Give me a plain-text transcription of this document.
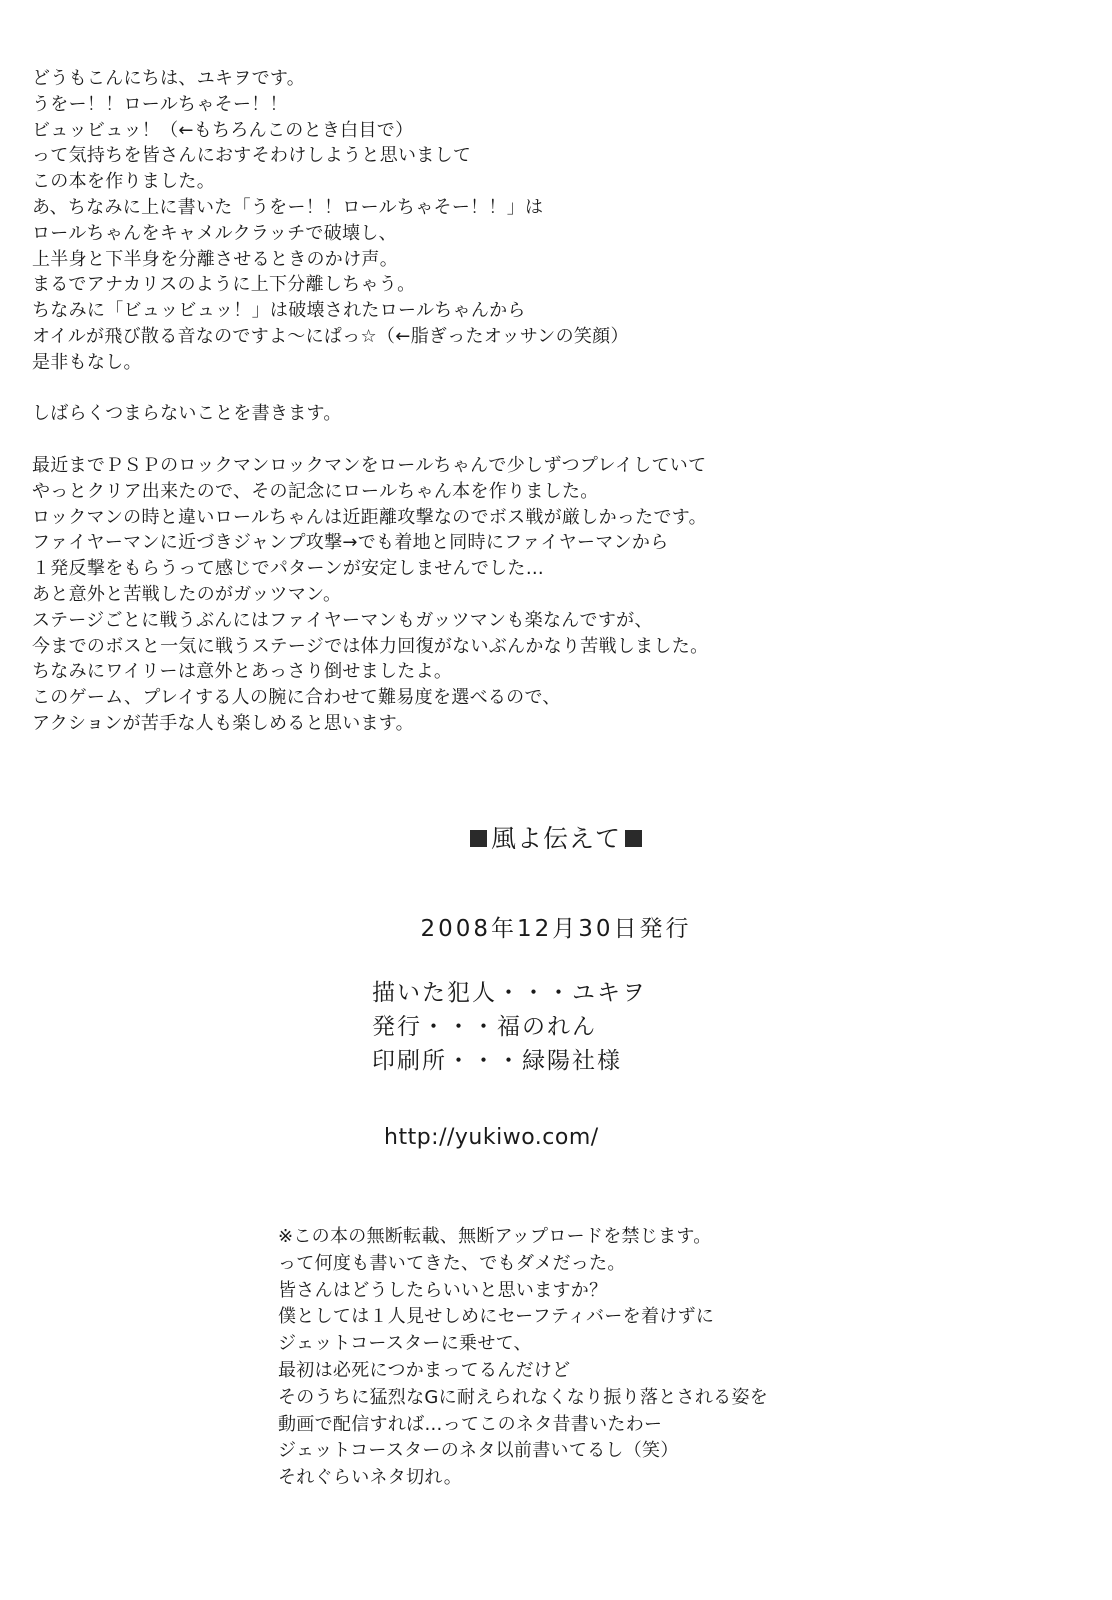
どうもこんにちは、ユキヲです。
うをー！！ロールちゃそー！！
ビュッビュッ！（←もちろんこのとき白目で）
って気持ちを皆さんにおすそわけしようと思いまして
この本を作りました。
あ、ちなみに上に書いた「うをー！！ロールちゃそー！！」は
ロールちゃんをキャメルクラッチで破壊し、
上半身と下半身を分離させるときのかけ声。
まるでアナカリスのように上下分離しちゃう。
ちなみに「ビュッビュッ！」は破壊されたロールちゃんから
オイルが飛び散る音なのですよ～にぱっ☆（←脂ぎったオッサンの笑顔）
是非もなし。
しばらくつまらないことを書きます。
最近までＰＳＰのロックマンロックマンをロールちゃんで少しずつプレイしていて
やっとクリア出来たので、その記念にロールちゃん本を作りました。
ロックマンの時と違いロールちゃんは近距離攻撃なのでボス戦が厳しかったです。
ファイヤーマンに近づきジャンプ攻撃→でも着地と同時にファイヤーマンから
１発反撃をもらうって感じでパターンが安定しませんでした…
あと意外と苦戦したのがガッツマン。
ステージごとに戦うぶんにはファイヤーマンもガッツマンも楽なんですが、
今までのボスと一気に戦うステージでは体力回復がないぶんかなり苦戦しました。
ちなみにワイリーは意外とあっさり倒せましたよ。
このゲーム、プレイする人の腕に合わせて難易度を選べるので、
アクションが苦手な人も楽しめると思います。
風よ伝えて
2008年12月30日発行
描いた犯人・・・ユキヲ
発行・・・福のれん
印刷所・・・緑陽社様
http://yukiwo.com/
※この本の無断転載、無断アップロードを禁じます。
って何度も書いてきた、でもダメだった。
皆さんはどうしたらいいと思いますか？
僕としては１人見せしめにセーフティバーを着けずに
ジェットコースターに乗せて、
最初は必死につかまってるんだけど
そのうちに猛烈なGに耐えられなくなり振り落とされる姿を
動画で配信すれば…ってこのネタ昔書いたわー
ジェットコースターのネタ以前書いてるし（笑）
それぐらいネタ切れ。
